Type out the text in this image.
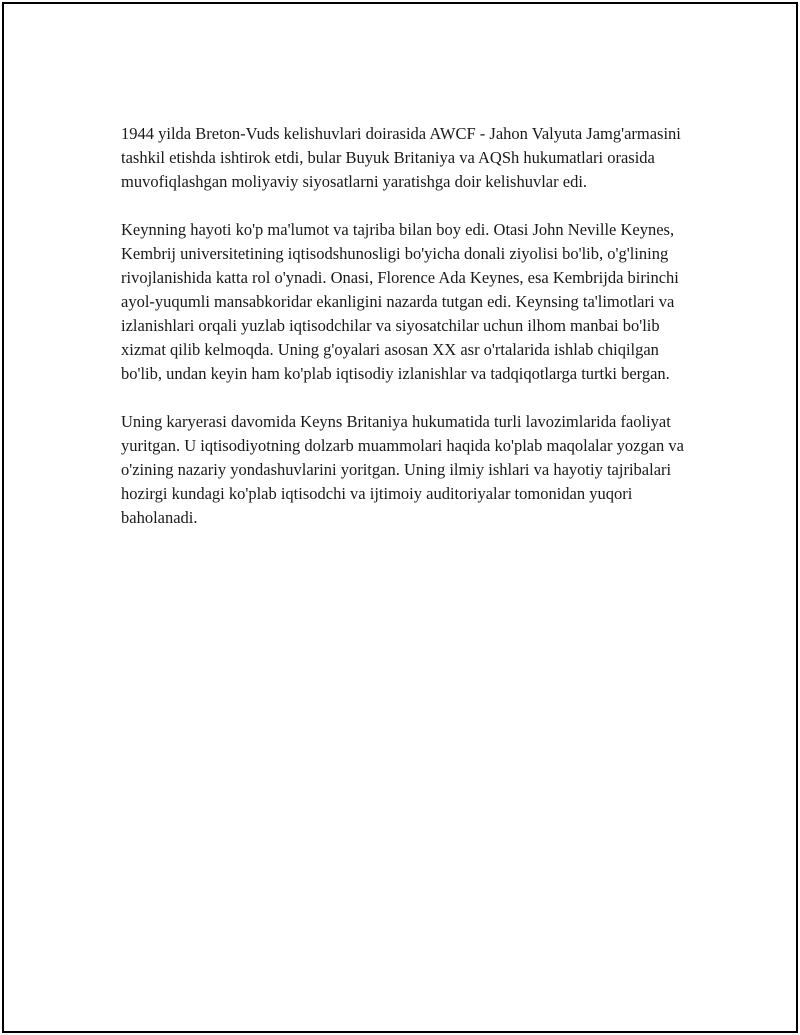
1944 yilda Breton-Vuds kelishuvlari doirasida AWCF - Jahon Valyuta Jamg'armasini tashkil etishda ishtirok etdi, bular Buyuk Britaniya va AQSh hukumatlari orasida muvofiqlashgan moliyaviy siyosatlarni yaratishga doir kelishuvlar edi.

Keynning hayoti ko'p ma'lumot va tajriba bilan boy edi. Otasi John Neville Keynes, Kembrij universitetining iqtisodshunosligi bo'yicha donali ziyolisi bo'lib, o'g'lining rivojlanishida katta rol o'ynadi. Onasi, Florence Ada Keynes, esa Kembrijda birinchi ayol-yuqumli mansabkoridar ekanligini nazarda tutgan edi. Keynsing ta'limotlari va izlanishlari orqali yuzlab iqtisodchilar va siyosatchilar uchun ilhom manbai bo'lib xizmat qilib kelmoqda. Uning g'oyalari asosan XX asr o'rtalarida ishlab chiqilgan bo'lib, undan keyin ham ko'plab iqtisodiy izlanishlar va tadqiqotlarga turtki bergan.

Uning karyerasi davomida Keyns Britaniya hukumatida turli lavozimlarida faoliyat yuritgan. U iqtisodiyotning dolzarb muammolari haqida ko'plab maqolalar yozgan va o'zining nazariy yondashuvlarini yoritgan. Uning ilmiy ishlari va hayotiy tajribalari hozirgi kundagi ko'plab iqtisodchi va ijtimoiy auditoriyalar tomonidan yuqori baholanadi.
